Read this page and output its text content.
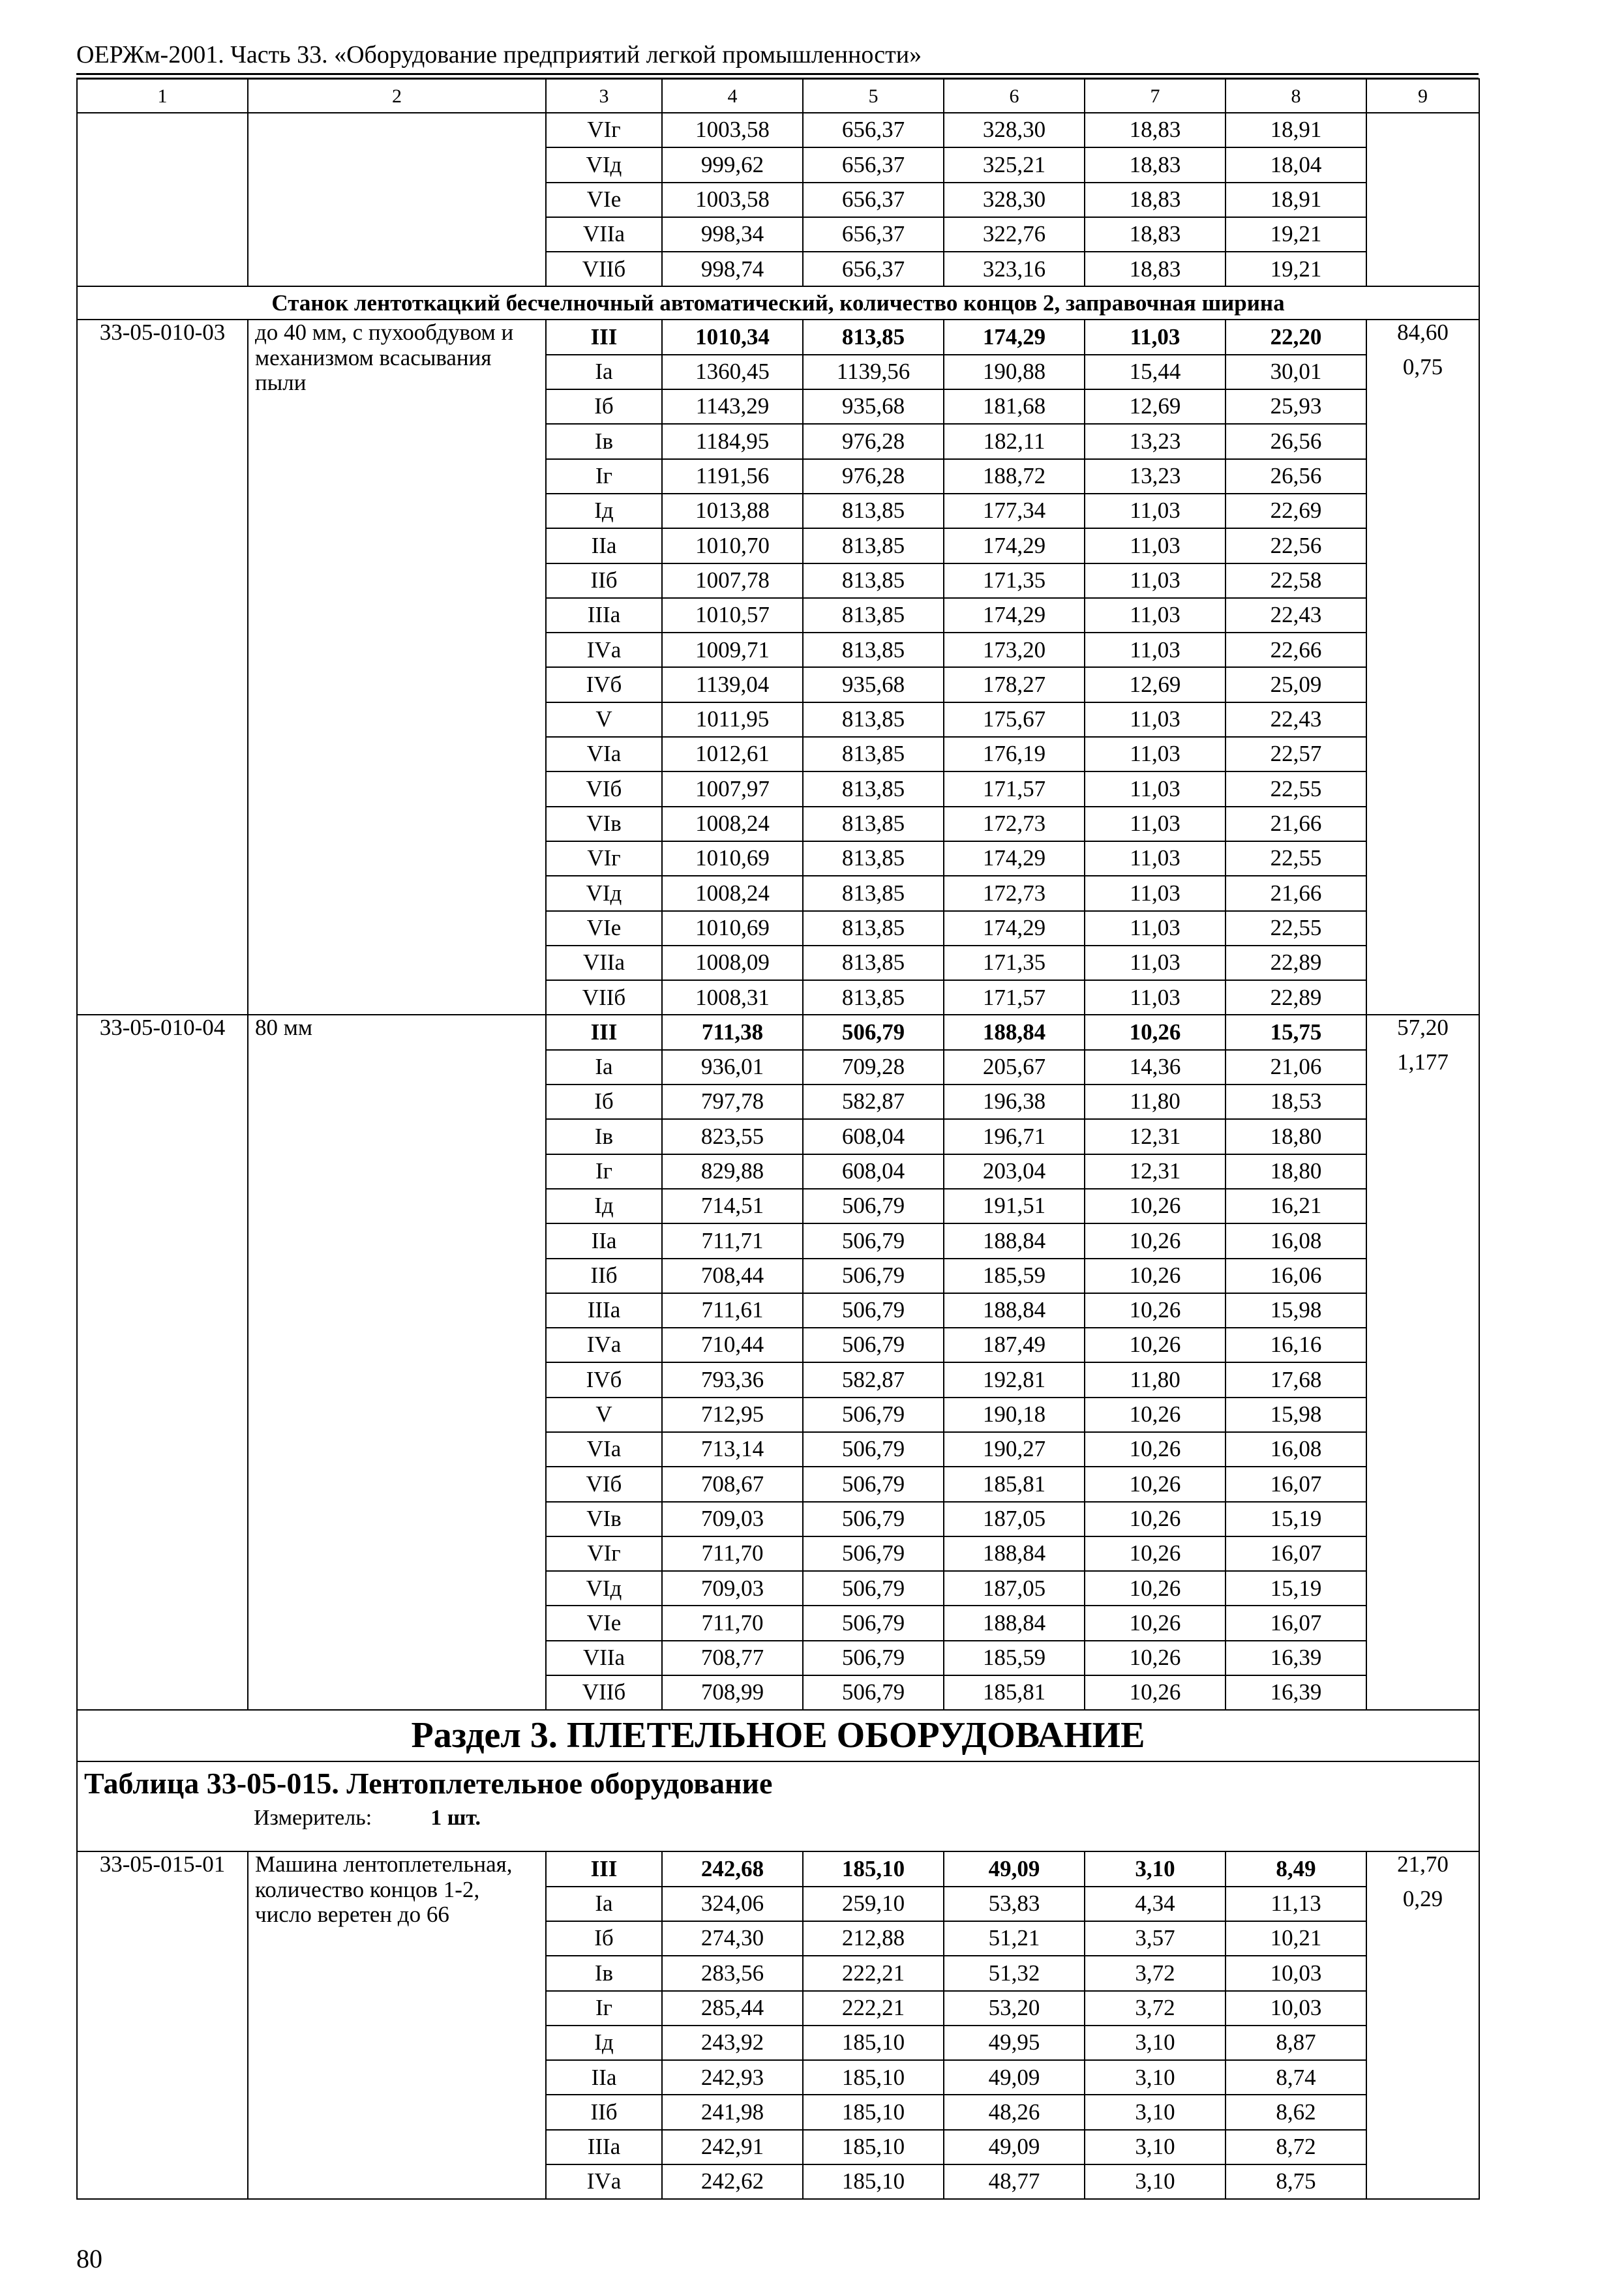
ОЕРЖм-2001. Часть 33. «Оборудование предприятий легкой промышленности»
1	2	3	4	5	6	7	8	9
		VIг	1003,58	656,37	328,30	18,83	18,91	
		VIд	999,62	656,37	325,21	18,83	18,04	
		VIе	1003,58	656,37	328,30	18,83	18,91	
		VIIа	998,34	656,37	322,76	18,83	19,21	
		VIIб	998,74	656,37	323,16	18,83	19,21	
Станок лентоткацкий бесчелночный автоматический, количество концов 2, заправочная ширина								
33-05-010-03	до 40 мм, с пухообдувом и механизмом всасывания пыли	III	1010,34	813,85	174,29	11,03	22,20	84,60
		Iа	1360,45	1139,56	190,88	15,44	30,01	0,75
		Iб	1143,29	935,68	181,68	12,69	25,93	
		Iв	1184,95	976,28	182,11	13,23	26,56	
		Iг	1191,56	976,28	188,72	13,23	26,56	
		Iд	1013,88	813,85	177,34	11,03	22,69	
		IIа	1010,70	813,85	174,29	11,03	22,56	
		IIб	1007,78	813,85	171,35	11,03	22,58	
		IIIа	1010,57	813,85	174,29	11,03	22,43	
		IVа	1009,71	813,85	173,20	11,03	22,66	
		IVб	1139,04	935,68	178,27	12,69	25,09	
		V	1011,95	813,85	175,67	11,03	22,43	
		VIа	1012,61	813,85	176,19	11,03	22,57	
		VIб	1007,97	813,85	171,57	11,03	22,55	
		VIв	1008,24	813,85	172,73	11,03	21,66	
		VIг	1010,69	813,85	174,29	11,03	22,55	
		VIд	1008,24	813,85	172,73	11,03	21,66	
		VIе	1010,69	813,85	174,29	11,03	22,55	
		VIIа	1008,09	813,85	171,35	11,03	22,89	
		VIIб	1008,31	813,85	171,57	11,03	22,89	
33-05-010-04	80 мм	III	711,38	506,79	188,84	10,26	15,75	57,20
		Iа	936,01	709,28	205,67	14,36	21,06	1,177
		Iб	797,78	582,87	196,38	11,80	18,53	
		Iв	823,55	608,04	196,71	12,31	18,80	
		Iг	829,88	608,04	203,04	12,31	18,80	
		Iд	714,51	506,79	191,51	10,26	16,21	
		IIа	711,71	506,79	188,84	10,26	16,08	
		IIб	708,44	506,79	185,59	10,26	16,06	
		IIIа	711,61	506,79	188,84	10,26	15,98	
		IVа	710,44	506,79	187,49	10,26	16,16	
		IVб	793,36	582,87	192,81	11,80	17,68	
		V	712,95	506,79	190,18	10,26	15,98	
		VIа	713,14	506,79	190,27	10,26	16,08	
		VIб	708,67	506,79	185,81	10,26	16,07	
		VIв	709,03	506,79	187,05	10,26	15,19	
		VIг	711,70	506,79	188,84	10,26	16,07	
		VIд	709,03	506,79	187,05	10,26	15,19	
		VIе	711,70	506,79	188,84	10,26	16,07	
		VIIа	708,77	506,79	185,59	10,26	16,39	
		VIIб	708,99	506,79	185,81	10,26	16,39	
Раздел 3. ПЛЕТЕЛЬНОЕ ОБОРУДОВАНИЕ								

Таблица 33-05-015. Лентоплетельное оборудование
Измеритель: 1 шт.								

33-05-015-01	Машина лентоплетельная, количество концов 1-2, число веретен до 66	III	242,68	185,10	49,09	3,10	8,49	21,70
		Iа	324,06	259,10	53,83	4,34	11,13	0,29
		Iб	274,30	212,88	51,21	3,57	10,21	
		Iв	283,56	222,21	51,32	3,72	10,03	
		Iг	285,44	222,21	53,20	3,72	10,03	
		Iд	243,92	185,10	49,95	3,10	8,87	
		IIа	242,93	185,10	49,09	3,10	8,74	
		IIб	241,98	185,10	48,26	3,10	8,62	
		IIIа	242,91	185,10	49,09	3,10	8,72	
		IVа	242,62	185,10	48,77	3,10	8,75	
80
